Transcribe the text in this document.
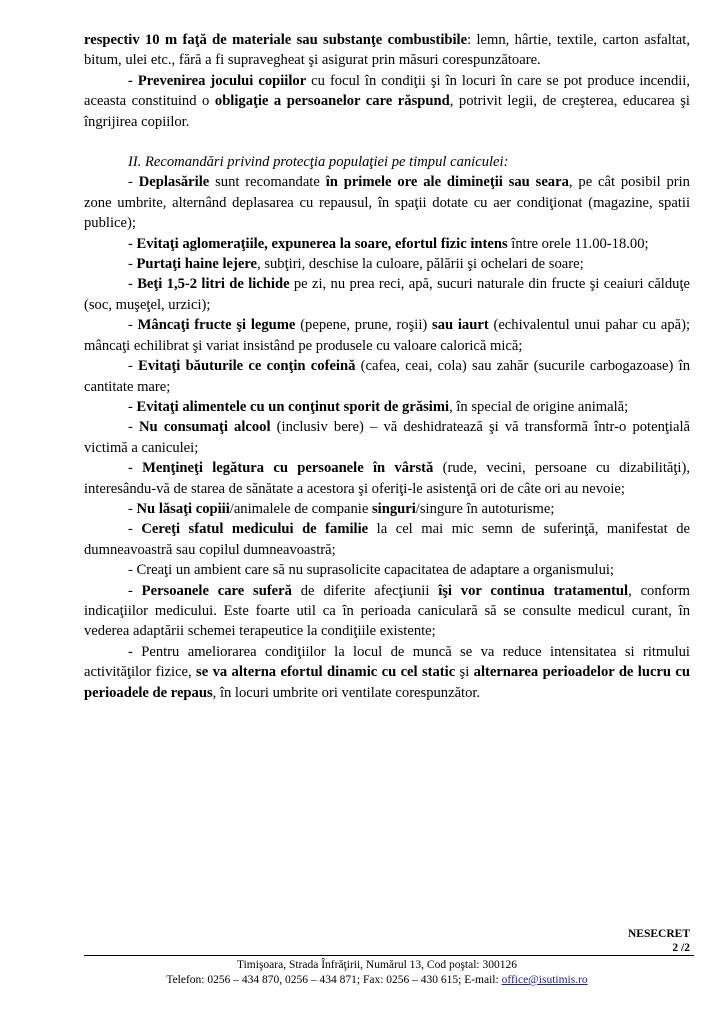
respectiv 10 m faţă de materiale sau substanţe combustibile: lemn, hârtie, textile, carton asfaltat, bitum, ulei etc., fără a fi supravegheat şi asigurat prin măsuri corespunzătoare.

- Prevenirea jocului copiilor cu focul în condiţii şi în locuri în care se pot produce incendii, aceasta constituind o obligaţie a persoanelor care răspund, potrivit legii, de creşterea, educarea şi îngrijirea copiilor.

II. Recomandări privind protecţia populaţiei pe timpul caniculei:

- Deplasările sunt recomandate în primele ore ale dimineţii sau seara, pe cât posibil prin zone umbrite, alternând deplasarea cu repausul, în spaţii dotate cu aer condiţionat (magazine, spatii publice);

- Evitaţi aglomeraţiile, expunerea la soare, efortul fizic intens între orele 11.00-18.00;

- Purtaţi haine lejere, subţiri, deschise la culoare, pălării şi ochelari de soare;

- Beţi 1,5-2 litri de lichide pe zi, nu prea reci, apă, sucuri naturale din fructe şi ceaiuri călduţe (soc, muşeţel, urzici);

- Mâncaţi fructe şi legume (pepene, prune, roşii) sau iaurt (echivalentul unui pahar cu apă); mâncaţi echilibrat şi variat insistând pe produsele cu valoare calorică mică;

- Evitaţi băuturile ce conţin cofeină (cafea, ceai, cola) sau zahăr (sucurile carbogazoase) în cantitate mare;

- Evitaţi alimentele cu un conţinut sporit de grăsimi, în special de origine animală;

- Nu consumaţi alcool (inclusiv bere) – vă deshidratează şi vă transformă într-o potenţială victimă a caniculei;

- Menţineţi legătura cu persoanele în vârstă (rude, vecini, persoane cu dizabilităţi), interesându-vă de starea de sănătate a acestora şi oferiţi-le asistenţă ori de câte ori au nevoie;

- Nu lăsaţi copiii/animalele de companie singuri/singure în autoturisme;

- Cereţi sfatul medicului de familie la cel mai mic semn de suferinţă, manifestat de dumneavoastră sau copilul dumneavoastră;

- Creaţi un ambient care să nu suprasolicite capacitatea de adaptare a organismului;

- Persoanele care suferă de diferite afecţiunii îşi vor continua tratamentul, conform indicaţiilor medicului. Este foarte util ca în perioada caniculară să se consulte medicul curant, în vederea adaptării schemei terapeutice la condiţiile existente;

- Pentru ameliorarea condiţiilor la locul de muncă se va reduce intensitatea si ritmului activităţilor fizice, se va alterna efortul dinamic cu cel static şi alternarea perioadelor de lucru cu perioadele de repaus, în locuri umbrite ori ventilate corespunzător.

NESECRET
2 /2
Timişoara, Strada Înfrăţirii, Numărul 13, Cod poştal: 300126
Telefon: 0256 – 434 870, 0256 – 434 871; Fax: 0256 – 430 615; E-mail: office@isutimis.ro
